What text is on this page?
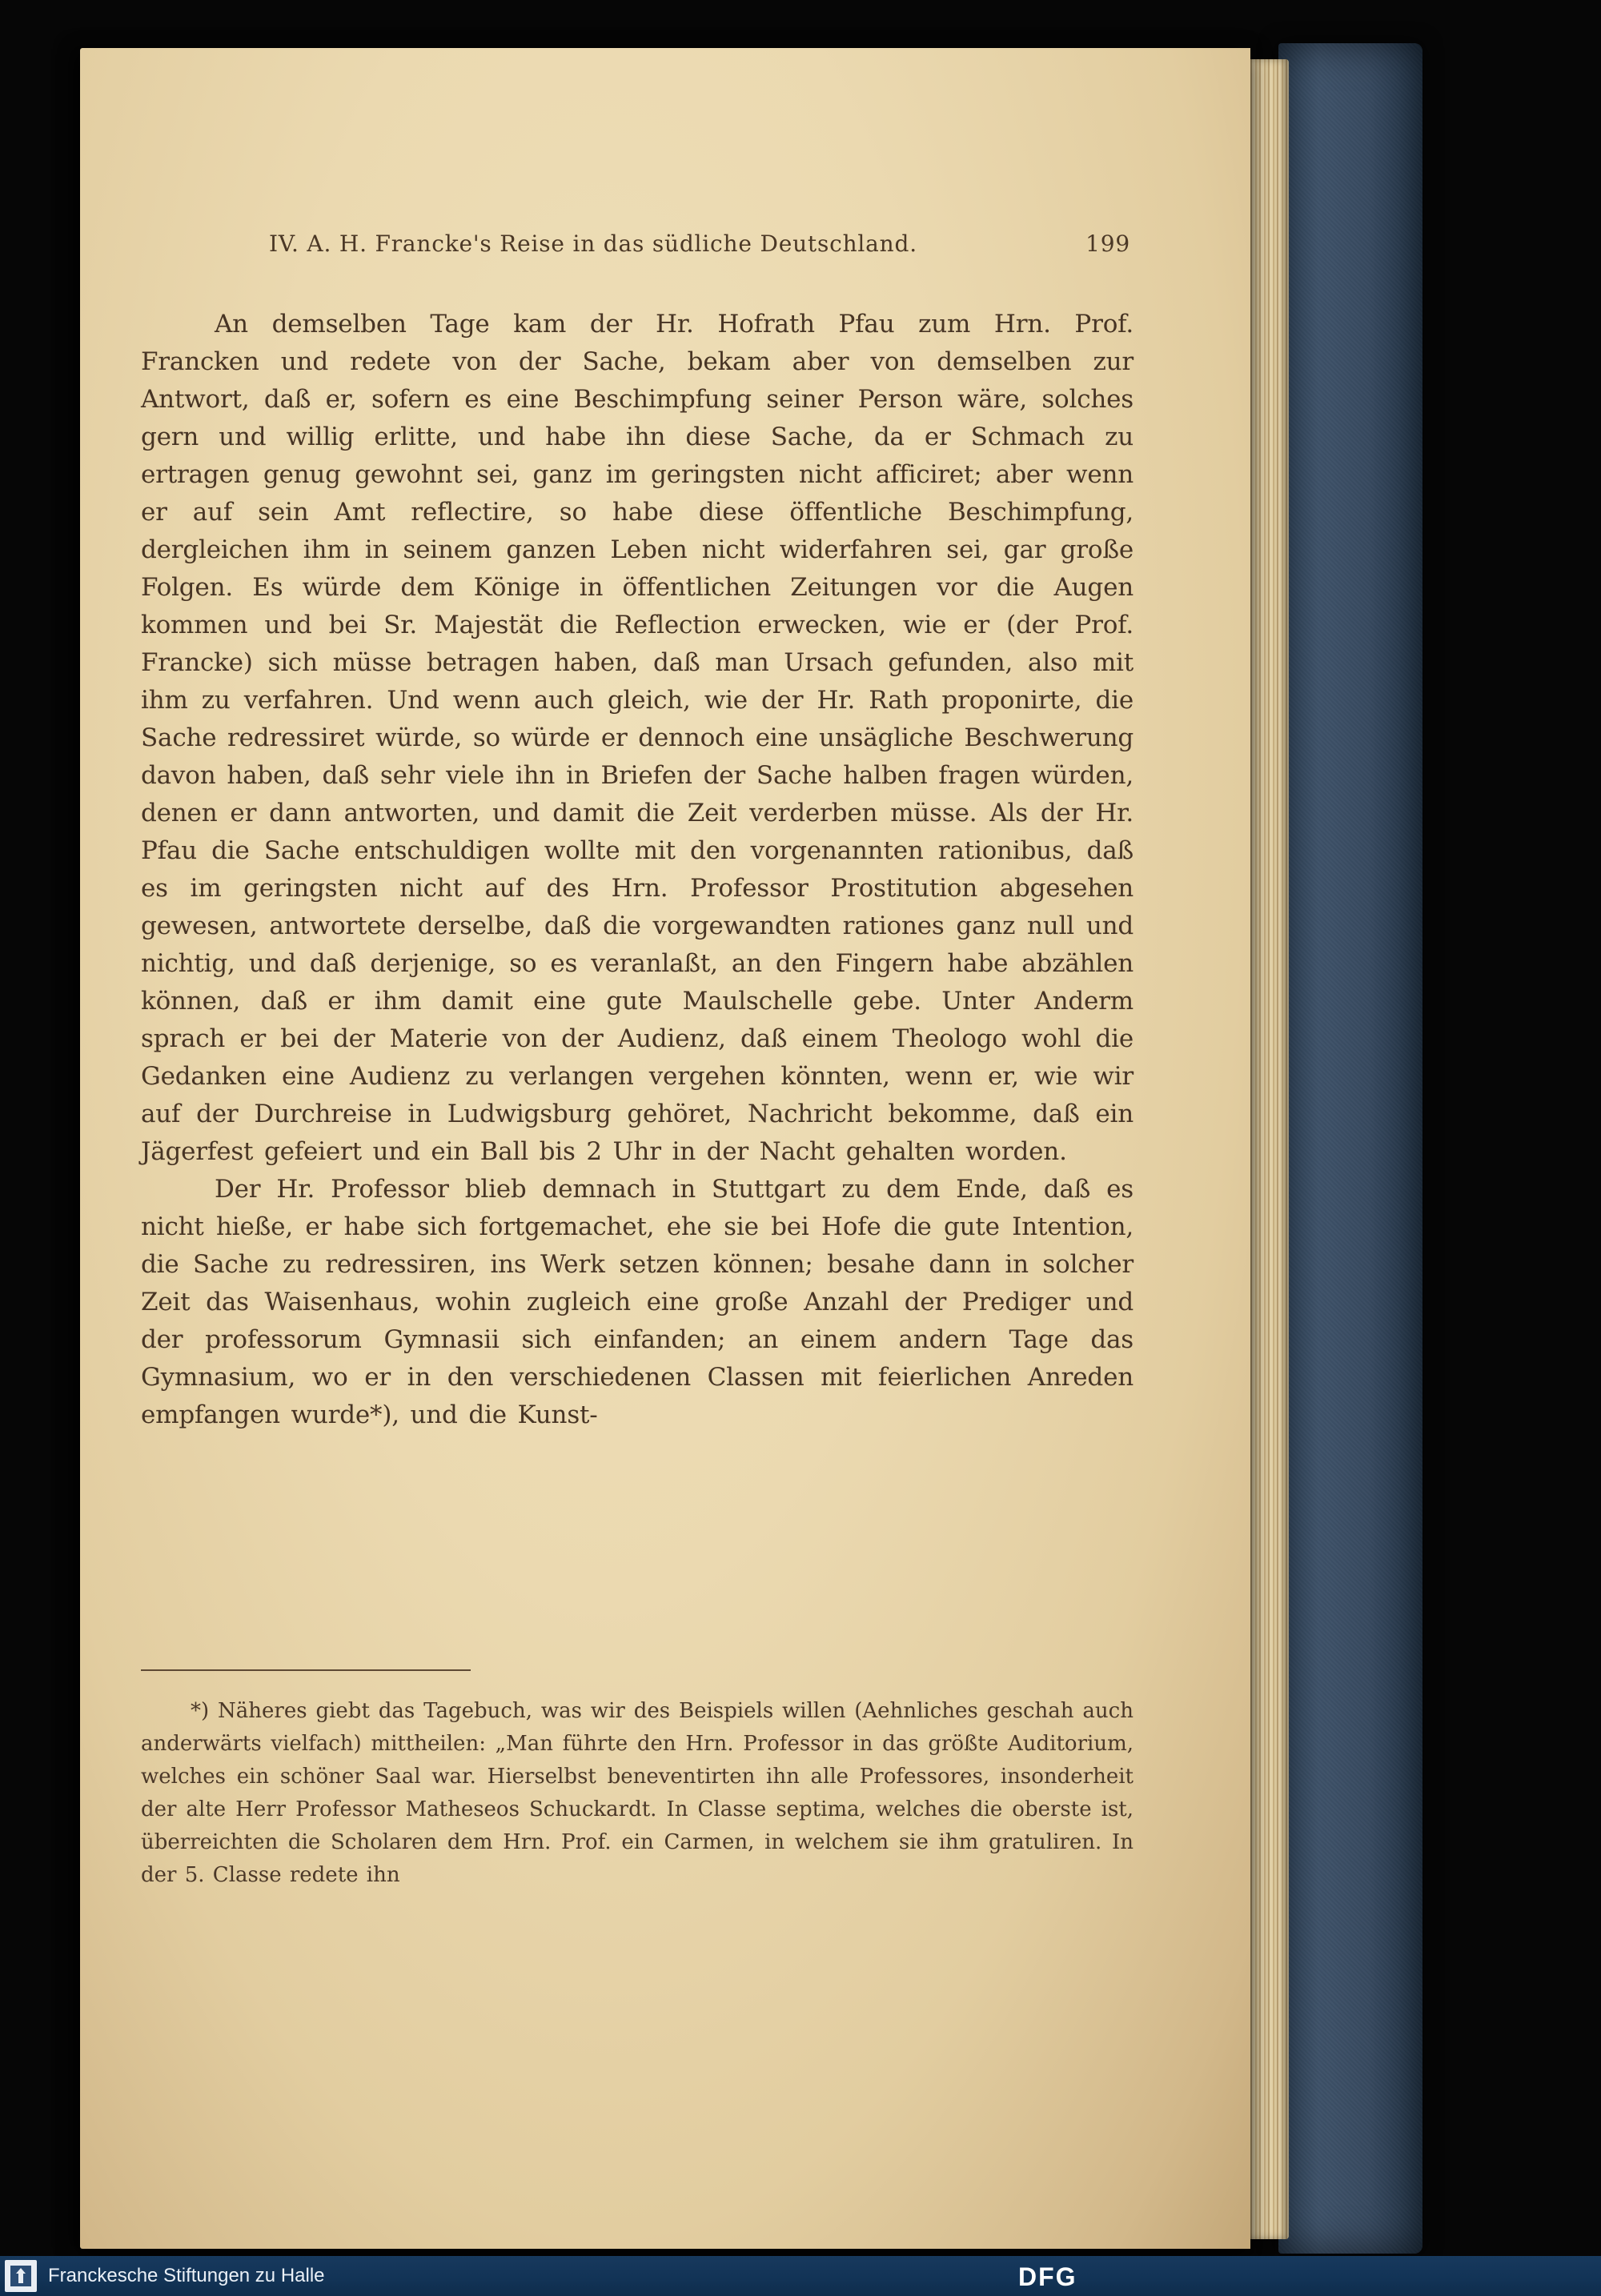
IV. A. H. Francke's Reise in das südliche Deutschland.	199

An demselben Tage kam der Hr. Hofrath Pfau zum Hrn. Prof. Francken und redete von der Sache, bekam aber von demselben zur Antwort, daß er, sofern es eine Beschimpfung seiner Person wäre, solches gern und willig erlitte, und habe ihn diese Sache, da er Schmach zu ertragen genug gewohnt sei, ganz im geringsten nicht afficiret; aber wenn er auf sein Amt reflectire, so habe diese öffentliche Beschimpfung, dergleichen ihm in seinem ganzen Leben nicht widerfahren sei, gar große Folgen. Es würde dem Könige in öffentlichen Zeitungen vor die Augen kommen und bei Sr. Majestät die Reflection erwecken, wie er (der Prof. Francke) sich müsse betragen haben, daß man Ursach gefunden, also mit ihm zu verfahren. Und wenn auch gleich, wie der Hr. Rath proponirte, die Sache redressiret würde, so würde er dennoch eine unsägliche Beschwerung davon haben, daß sehr viele ihn in Briefen der Sache halben fragen würden, denen er dann antworten, und damit die Zeit verderben müsse. Als der Hr. Pfau die Sache entschuldigen wollte mit den vorgenannten rationibus, daß es im geringsten nicht auf des Hrn. Professor Prostitution abgesehen gewesen, antwortete derselbe, daß die vorgewandten rationes ganz null und nichtig, und daß derjenige, so es veranlaßt, an den Fingern habe abzählen können, daß er ihm damit eine gute Maulschelle gebe. Unter Anderm sprach er bei der Materie von der Audienz, daß einem Theologo wohl die Gedanken eine Audienz zu verlangen vergehen könnten, wenn er, wie wir auf der Durchreise in Ludwigsburg gehöret, Nachricht bekomme, daß ein Jägerfest gefeiert und ein Ball bis 2 Uhr in der Nacht gehalten worden.

Der Hr. Professor blieb demnach in Stuttgart zu dem Ende, daß es nicht hieße, er habe sich fortgemachet, ehe sie bei Hofe die gute Intention, die Sache zu redressiren, ins Werk setzen können; besahe dann in solcher Zeit das Waisenhaus, wohin zugleich eine große Anzahl der Prediger und der professorum Gymnasii sich einfanden; an einem andern Tage das Gymnasium, wo er in den verschiedenen Classen mit feierlichen Anreden empfangen wurde*), und die Kunst-

*) Näheres giebt das Tagebuch, was wir des Beispiels willen (Aehnliches geschah auch anderwärts vielfach) mittheilen: „Man führte den Hrn. Professor in das größte Auditorium, welches ein schöner Saal war. Hierselbst beneventirten ihn alle Professores, insonderheit der alte Herr Professor Matheseos Schuckardt. In Classe septima, welches die oberste ist, überreichten die Scholaren dem Hrn. Prof. ein Carmen, in welchem sie ihm gratuliren. In der 5. Classe redete ihn
Franckesche Stiftungen zu Halle	DFG
